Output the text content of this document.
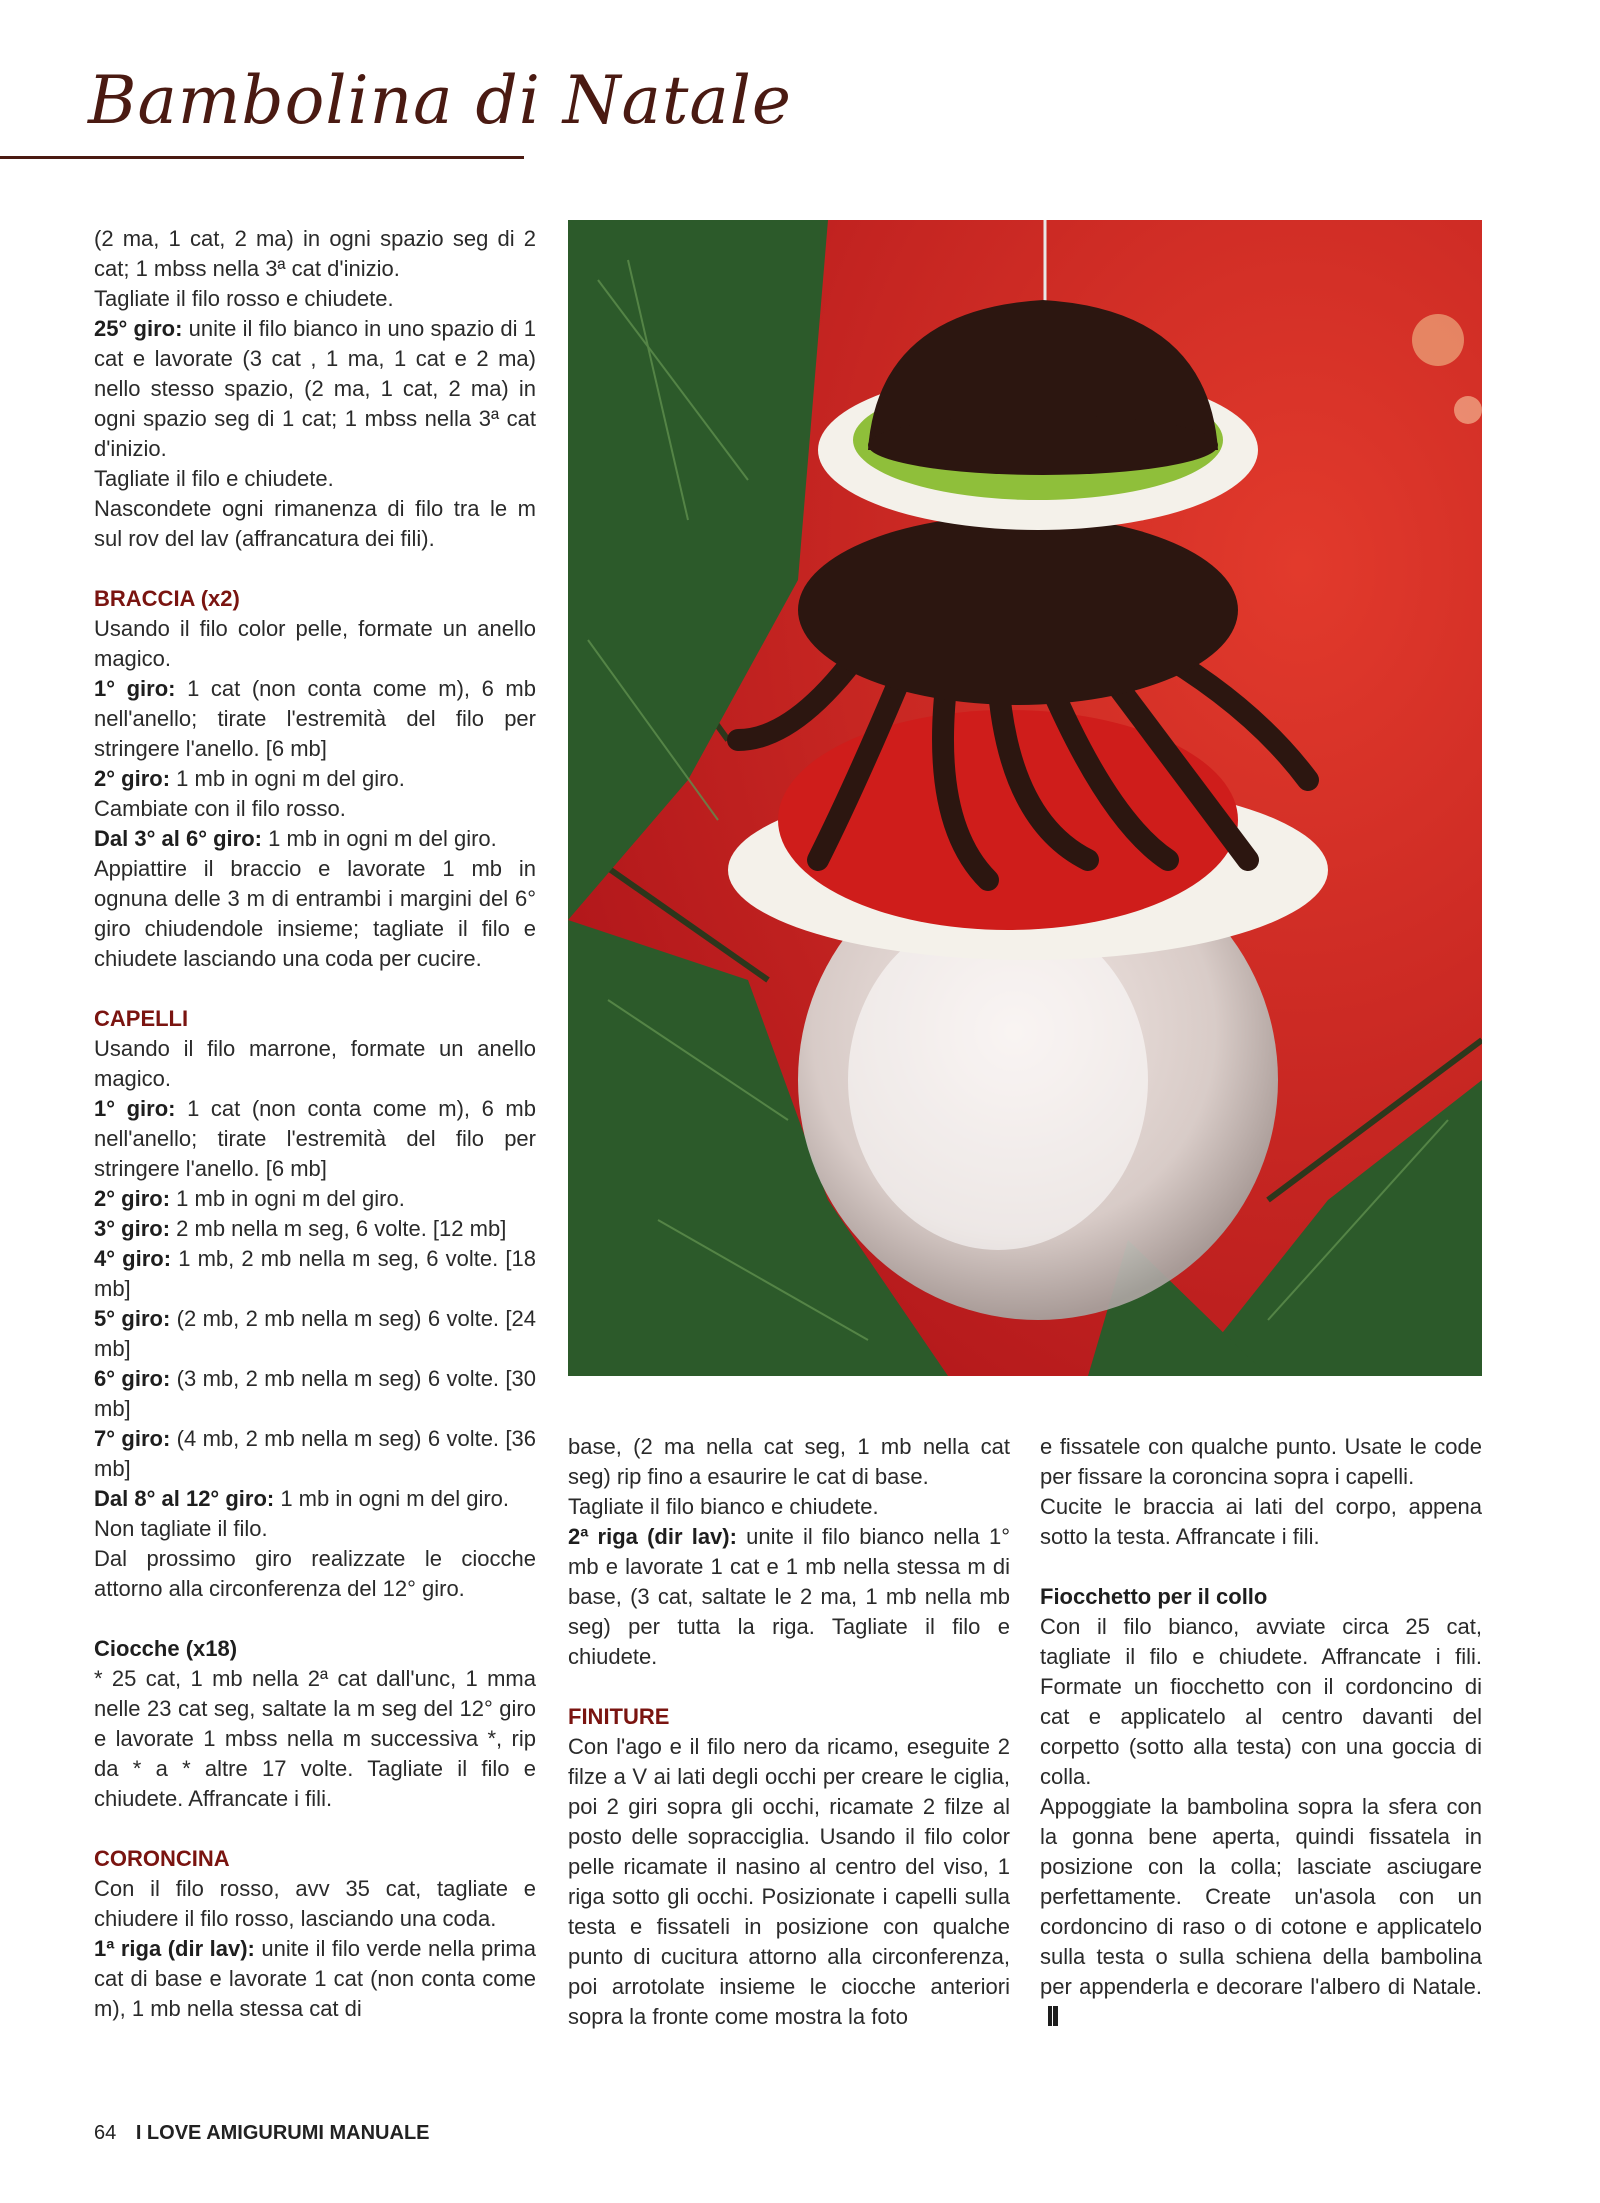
Bambolina di Natale

(2 ma, 1 cat, 2 ma) in ogni spazio seg di 2 cat; 1 mbss nella 3ª cat d'inizio.

Tagliate il filo rosso e chiudete.

25° giro: unite il filo bianco in uno spazio di 1 cat e lavorate (3 cat , 1 ma, 1 cat e 2 ma) nello stesso spazio, (2 ma, 1 cat, 2 ma) in ogni spazio seg di 1 cat; 1 mbss nella 3ª cat d'inizio.

Tagliate il filo e chiudete.

Nascondete ogni rimanenza di filo tra le m sul rov del lav (affrancatura dei fili).

BRACCIA (x2)

Usando il filo color pelle, formate un anello magico.

1° giro: 1 cat (non conta come m), 6 mb nell'anello; tirate l'estremità del filo per stringere l'anello. [6 mb]

2° giro: 1 mb in ogni m del giro.

Cambiate con il filo rosso.

Dal 3° al 6° giro: 1 mb in ogni m del giro.

Appiattire il braccio e lavorate 1 mb in ognuna delle 3 m di entrambi i margini del 6° giro chiudendole insieme; tagliate il filo e chiudete lasciando una coda per cucire.

CAPELLI

Usando il filo marrone, formate un anello magico.

1° giro: 1 cat (non conta come m), 6 mb nell'anello; tirate l'estremità del filo per stringere l'anello. [6 mb]

2° giro: 1 mb in ogni m del giro.

3° giro: 2 mb nella m seg, 6 volte. [12 mb]

4° giro: 1 mb, 2 mb nella m seg, 6 volte. [18 mb]

5° giro: (2 mb, 2 mb nella m seg) 6 volte. [24 mb]

6° giro: (3 mb, 2 mb nella m seg) 6 volte. [30 mb]

7° giro: (4 mb, 2 mb nella m seg) 6 volte. [36 mb]

Dal 8° al 12° giro: 1 mb in ogni m del giro.

Non tagliate il filo.

Dal prossimo giro realizzate le ciocche attorno alla circonferenza del 12° giro.

Ciocche (x18)

* 25 cat, 1 mb nella 2ª cat dall'unc, 1 mma nelle 23 cat seg, saltate la m seg del 12° giro e lavorate 1 mbss nella m successiva *, rip da * a * altre 17 volte. Tagliate il filo e chiudete. Affrancate i fili.

CORONCINA

Con il filo rosso, avv 35 cat, tagliate e chiudere il filo rosso, lasciando una coda.

1ª riga (dir lav): unite il filo verde nella prima cat di base e lavorate 1 cat (non conta come m), 1 mb nella stessa cat di

base, (2 ma nella cat seg, 1 mb nella cat seg) rip fino a esaurire le cat di base.

Tagliate il filo bianco e chiudete.

2ª riga (dir lav): unite il filo bianco nella 1° mb e lavorate 1 cat e 1 mb nella stessa m di base, (3 cat, saltate le 2 ma, 1 mb nella mb seg) per tutta la riga. Tagliate il filo e chiudete.

FINITURE

Con l'ago e il filo nero da ricamo, eseguite 2 filze a V ai lati degli occhi per creare le ciglia, poi 2 giri sopra gli occhi, ricamate 2 filze al posto delle sopracciglia. Usando il filo color pelle ricamate il nasino al centro del viso, 1 riga sotto gli occhi. Posizionate i capelli sulla testa e fissateli in posizione con qualche punto di cucitura attorno alla circonferenza, poi arrotolate insieme le ciocche anteriori sopra la fronte come mostra la foto

e fissatele con qualche punto. Usate le code per fissare la coroncina sopra i capelli.

Cucite le braccia ai lati del corpo, appena sotto la testa. Affrancate i fili.

Fiocchetto per il collo

Con il filo bianco, avviate circa 25 cat, tagliate il filo e chiudete. Affrancate i fili. Formate un fiocchetto con il cordoncino di cat e applicatelo al centro davanti del corpetto (sotto alla testa) con una goccia di colla.

Appoggiate la bambolina sopra la sfera con la gonna bene aperta, quindi fissatela in posizione con la colla; lasciate asciugare perfettamente. Create un'asola con un cordoncino di raso o di cotone e applicatelo sulla testa o sulla schiena della bambolina per appenderla e decorare l'albero di Natale.

64 I LOVE AMIGURUMI MANUALE
